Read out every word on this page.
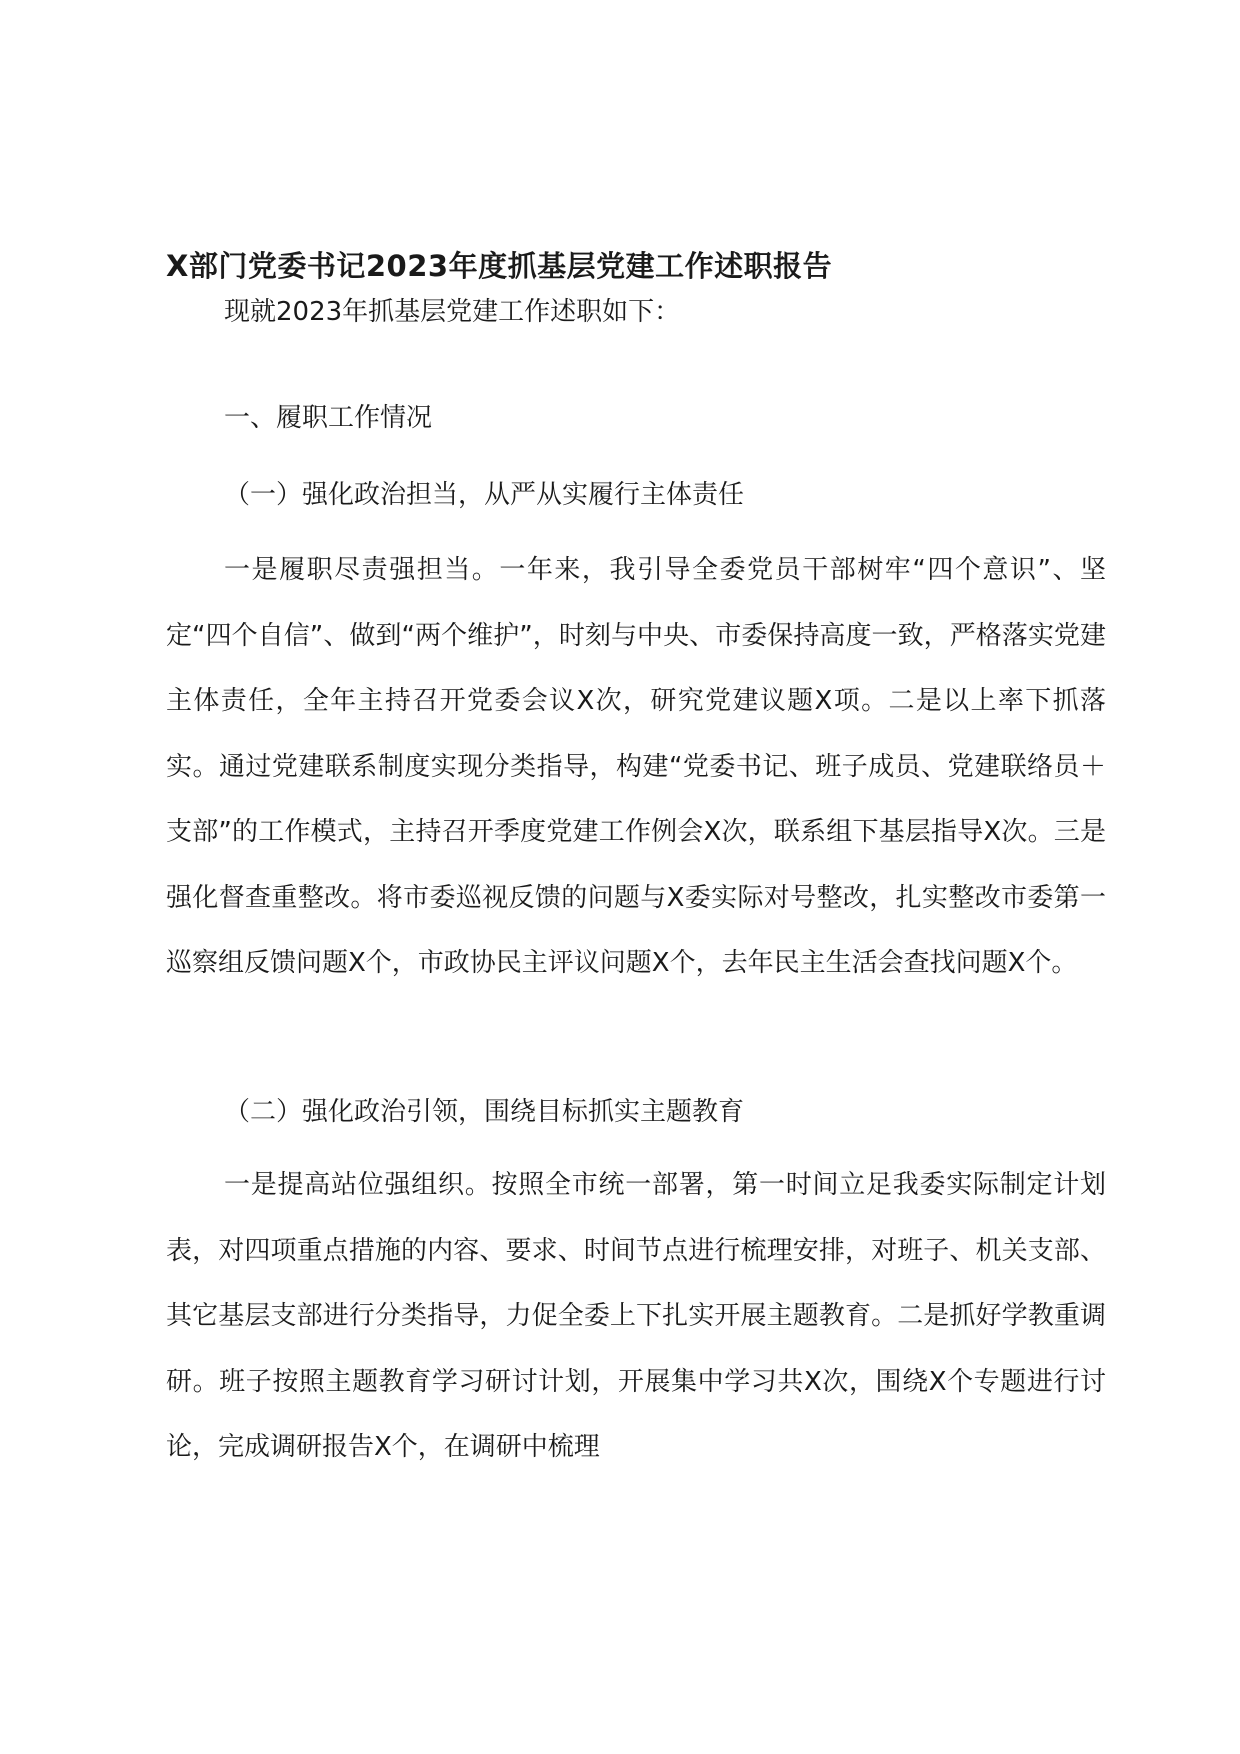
X部门党委书记2023年度抓基层党建工作述职报告

现就2023年抓基层党建工作述职如下：

一、履职工作情况

（一）强化政治担当，从严从实履行主体责任

一是履职尽责强担当。一年来，我引导全委党员干部树牢“四个意识”、坚定“四个自信”、做到“两个维护”，时刻与中央、市委保持高度一致，严格落实党建主体责任，全年主持召开党委会议X次，研究党建议题X项。二是以上率下抓落实。通过党建联系制度实现分类指导，构建“党委书记、班子成员、党建联络员＋支部”的工作模式，主持召开季度党建工作例会X次，联系组下基层指导X次。三是强化督查重整改。将市委巡视反馈的问题与X委实际对号整改，扎实整改市委第一巡察组反馈问题X个，市政协民主评议问题X个，去年民主生活会查找问题X个。

（二）强化政治引领，围绕目标抓实主题教育

一是提高站位强组织。按照全市统一部署，第一时间立足我委实际制定计划表，对四项重点措施的内容、要求、时间节点进行梳理安排，对班子、机关支部、其它基层支部进行分类指导，力促全委上下扎实开展主题教育。二是抓好学教重调研。班子按照主题教育学习研讨计划，开展集中学习共X次，围绕X个专题进行讨论，完成调研报告X个，在调研中梳理
